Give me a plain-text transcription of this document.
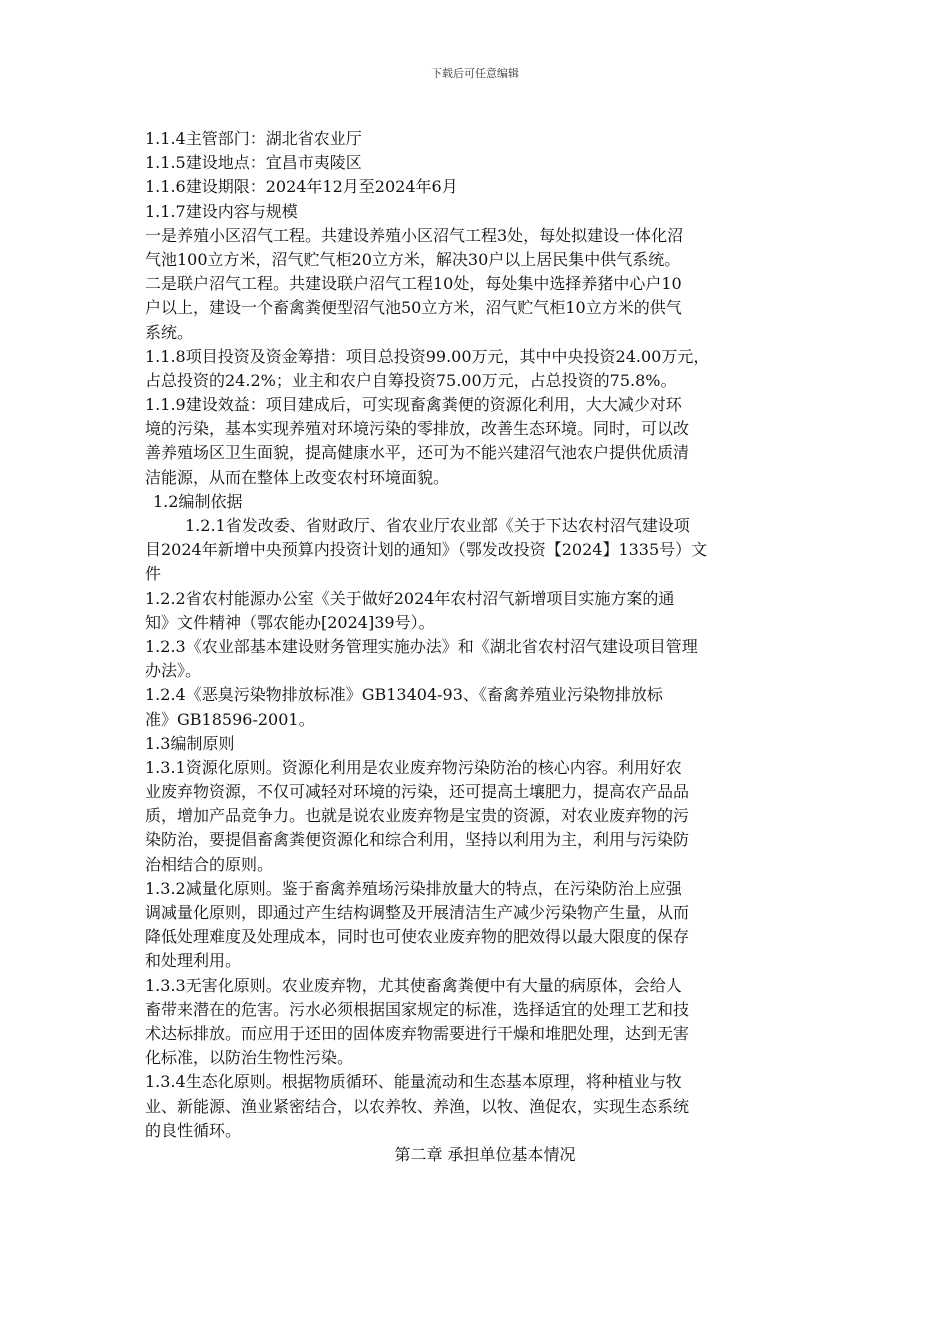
下载后可任意编辑

1.1.4主管部门：湖北省农业厅

1.1.5建设地点：宜昌市夷陵区

1.1.6建设期限：2024年12月至2024年6月

1.1.7建设内容与规模

一是养殖小区沼气工程。共建设养殖小区沼气工程3处，每处拟建设一体化沼

气池100立方米，沼气贮气柜20立方米，解决30户以上居民集中供气系统。

二是联户沼气工程。共建设联户沼气工程10处，每处集中选择养猪中心户10

户以上，建设一个畜禽粪便型沼气池50立方米，沼气贮气柜10立方米的供气

系统。

1.1.8项目投资及资金筹措：项目总投资99.00万元，其中中央投资24.00万元，

占总投资的24.2%；业主和农户自筹投资75.00万元，占总投资的75.8%。

1.1.9建设效益：项目建成后，可实现畜禽粪便的资源化利用，大大减少对环

境的污染，基本实现养殖对环境污染的零排放，改善生态环境。同时，可以改

善养殖场区卫生面貌，提高健康水平，还可为不能兴建沼气池农户提供优质清

洁能源，从而在整体上改变农村环境面貌。

1.2编制依据

1.2.1省发改委、省财政厅、省农业厅农业部《关于下达农村沼气建设项

目2024年新增中央预算内投资计划的通知》（鄂发改投资【2024】1335号）文

件

1.2.2省农村能源办公室《关于做好2024年农村沼气新增项目实施方案的通

知》文件精神（鄂农能办[2024]39号）。

1.2.3《农业部基本建设财务管理实施办法》和《湖北省农村沼气建设项目管理

办法》。

1.2.4《恶臭污染物排放标准》GB13404-93、《畜禽养殖业污染物排放标

准》GB18596-2001。

1.3编制原则

1.3.1资源化原则。资源化利用是农业废弃物污染防治的核心内容。利用好农

业废弃物资源，不仅可减轻对环境的污染，还可提高土壤肥力，提高农产品品

质，增加产品竞争力。也就是说农业废弃物是宝贵的资源，对农业废弃物的污

染防治，要提倡畜禽粪便资源化和综合利用，坚持以利用为主，利用与污染防

治相结合的原则。

1.3.2减量化原则。鉴于畜禽养殖场污染排放量大的特点，在污染防治上应强

调减量化原则，即通过产生结构调整及开展清洁生产减少污染物产生量，从而

降低处理难度及处理成本，同时也可使农业废弃物的肥效得以最大限度的保存

和处理利用。

1.3.3无害化原则。农业废弃物，尤其使畜禽粪便中有大量的病原体，会给人

畜带来潜在的危害。污水必须根据国家规定的标准，选择适宜的处理工艺和技

术达标排放。而应用于还田的固体废弃物需要进行干燥和堆肥处理，达到无害

化标准，以防治生物性污染。

1.3.4生态化原则。根据物质循环、能量流动和生态基本原理，将种植业与牧

业、新能源、渔业紧密结合，以农养牧、养渔，以牧、渔促农，实现生态系统

的良性循环。

第二章 承担单位基本情况
